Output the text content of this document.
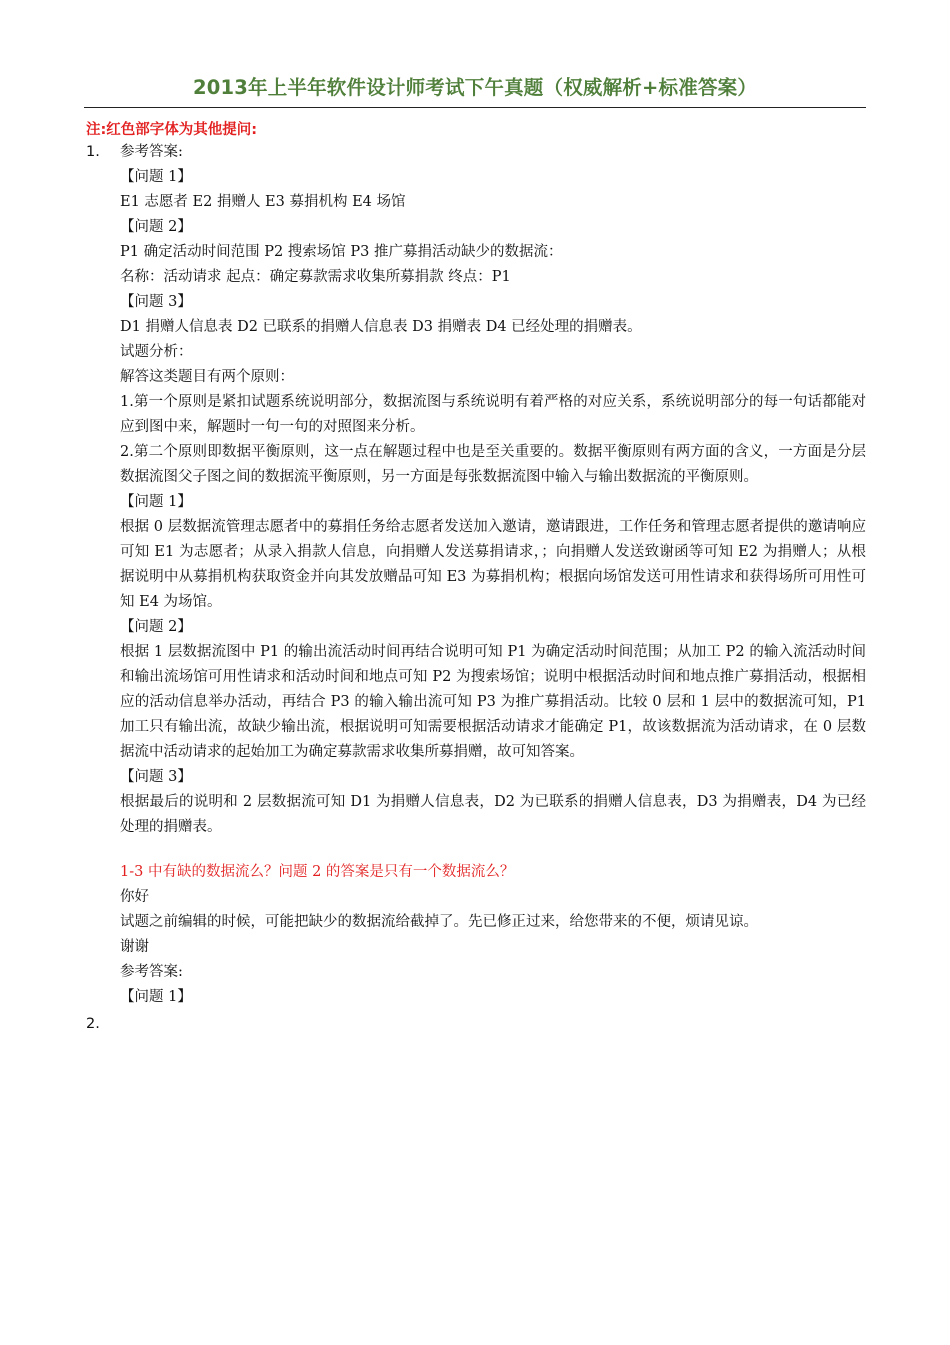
2013年上半年软件设计师考试下午真题（权威解析+标准答案）
注:红色部字体为其他提问:
1.
2.

参考答案:

【问题 1】

E1 志愿者 E2 捐赠人 E3 募捐机构 E4 场馆

【问题 2】

P1 确定活动时间范围 P2 搜索场馆 P3 推广募捐活动缺少的数据流：

名称：活动请求 起点：确定募款需求收集所募捐款 终点：P1

【问题 3】

D1 捐赠人信息表 D2 已联系的捐赠人信息表 D3 捐赠表 D4 已经处理的捐赠表。

试题分析：

解答这类题目有两个原则：

1.第一个原则是紧扣试题系统说明部分，数据流图与系统说明有着严格的对应关系，系统说明部分的每一句话都能对应到图中来，解题时一句一句的对照图来分析。

2.第二个原则即数据平衡原则，这一点在解题过程中也是至关重要的。数据平衡原则有两方面的含义，一方面是分层数据流图父子图之间的数据流平衡原则，另一方面是每张数据流图中输入与输出数据流的平衡原则。

【问题 1】

根据 0 层数据流管理志愿者中的募捐任务给志愿者发送加入邀请，邀请跟进，工作任务和管理志愿者提供的邀请响应可知 E1 为志愿者；从录入捐款人信息，向捐赠人发送募捐请求，；向捐赠人发送致谢函等可知 E2 为捐赠人；从根据说明中从募捐机构获取资金并向其发放赠品可知 E3 为募捐机构；根据向场馆发送可用性请求和获得场所可用性可知 E4 为场馆。

【问题 2】

根据 1 层数据流图中 P1 的输出流活动时间再结合说明可知 P1 为确定活动时间范围；从加工 P2 的输入流活动时间和输出流场馆可用性请求和活动时间和地点可知 P2 为搜索场馆；说明中根据活动时间和地点推广募捐活动，根据相应的活动信息举办活动，再结合 P3 的输入输出流可知 P3 为推广募捐活动。比较 0 层和 1 层中的数据流可知，P1 加工只有输出流，故缺少输出流，根据说明可知需要根据活动请求才能确定 P1，故该数据流为活动请求，在 0 层数据流中活动请求的起始加工为确定募款需求收集所募捐赠，故可知答案。

【问题 3】

根据最后的说明和 2 层数据流可知 D1 为捐赠人信息表，D2 为已联系的捐赠人信息表，D3 为捐赠表，D4 为已经处理的捐赠表。

1-3 中有缺的数据流么？问题 2 的答案是只有一个数据流么？

你好

试题之前编辑的时候，可能把缺少的数据流给截掉了。先已修正过来，给您带来的不便，烦请见谅。

谢谢

参考答案:

【问题 1】
